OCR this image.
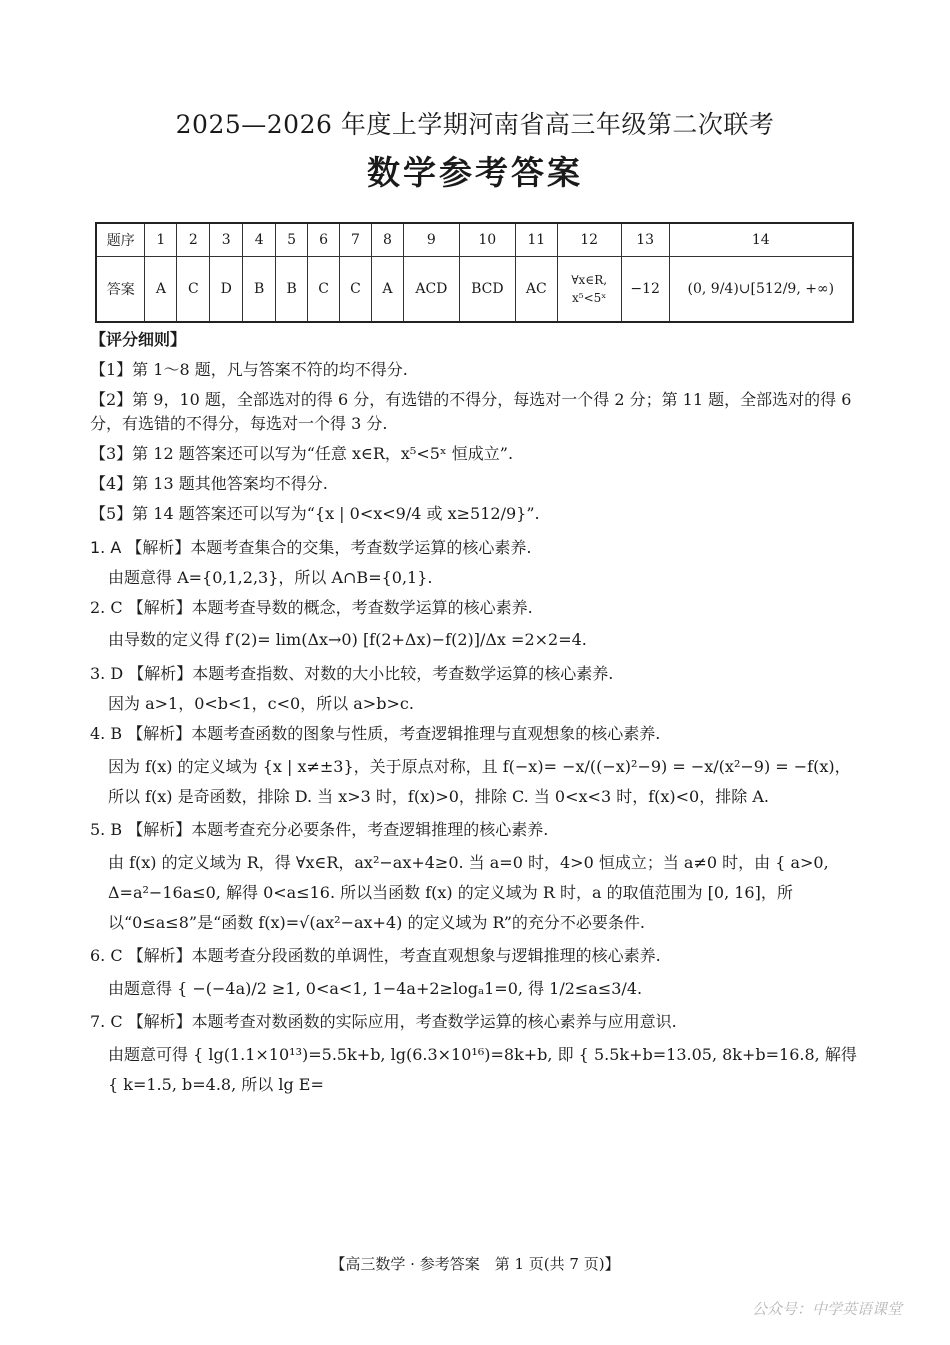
2025—2026 年度上学期河南省高三年级第二次联考
数学参考答案
题序	1	2	3	4	5	6	7	8	9	10	11	12	13	14
答案	A	C	D	B	B	C	C	A	ACD	BCD	AC	∀x∈R, x⁵<5ˣ	−12	(0, 9/4)∪[512/9, +∞)
【评分细则】
【1】第 1～8 题，凡与答案不符的均不得分.
【2】第 9，10 题，全部选对的得 6 分，有选错的不得分，每选对一个得 2 分；第 11 题，全部选对的得 6 分，有选错的不得分，每选对一个得 3 分.
【3】第 12 题答案还可以写为“任意 x∈R，x⁵<5ˣ 恒成立”.
【4】第 13 题其他答案均不得分.
【5】第 14 题答案还可以写为“{x | 0<x<9/4 或 x≥512/9}”.
1. A 【解析】本题考查集合的交集，考查数学运算的核心素养.
由题意得 A={0,1,2,3}，所以 A∩B={0,1}.
2. C 【解析】本题考查导数的概念，考查数学运算的核心素养.
由导数的定义得 f′(2)= lim(Δx→0) [f(2+Δx)−f(2)]/Δx =2×2=4.
3. D 【解析】本题考查指数、对数的大小比较，考查数学运算的核心素养.
因为 a>1，0<b<1，c<0，所以 a>b>c.
4. B 【解析】本题考查函数的图象与性质，考查逻辑推理与直观想象的核心素养.
因为 f(x) 的定义域为 {x | x≠±3}，关于原点对称，且 f(−x)= −x/((−x)²−9) = −x/(x²−9) = −f(x)，所以 f(x) 是奇函数，排除 D. 当 x>3 时，f(x)>0，排除 C. 当 0<x<3 时，f(x)<0，排除 A.
5. B 【解析】本题考查充分必要条件，考查逻辑推理的核心素养.
由 f(x) 的定义域为 R，得 ∀x∈R，ax²−ax+4≥0. 当 a=0 时，4>0 恒成立；当 a≠0 时，由 { a>0, Δ=a²−16a≤0, 解得 0<a≤16. 所以当函数 f(x) 的定义域为 R 时，a 的取值范围为 [0, 16]，所以“0≤a≤8”是“函数 f(x)=√(ax²−ax+4) 的定义域为 R”的充分不必要条件.
6. C 【解析】本题考查分段函数的单调性，考查直观想象与逻辑推理的核心素养.
由题意得 { −(−4a)/2 ≥1, 0<a<1, 1−4a+2≥logₐ1=0, 得 1/2≤a≤3/4.
7. C 【解析】本题考查对数函数的实际应用，考查数学运算的核心素养与应用意识.
由题意可得 { lg(1.1×10¹³)=5.5k+b, lg(6.3×10¹⁶)=8k+b, 即 { 5.5k+b=13.05, 8k+b=16.8, 解得 { k=1.5, b=4.8, 所以 lg E=
【高三数学 · 参考答案　第 1 页(共 7 页)】
公众号：中学英语课堂
